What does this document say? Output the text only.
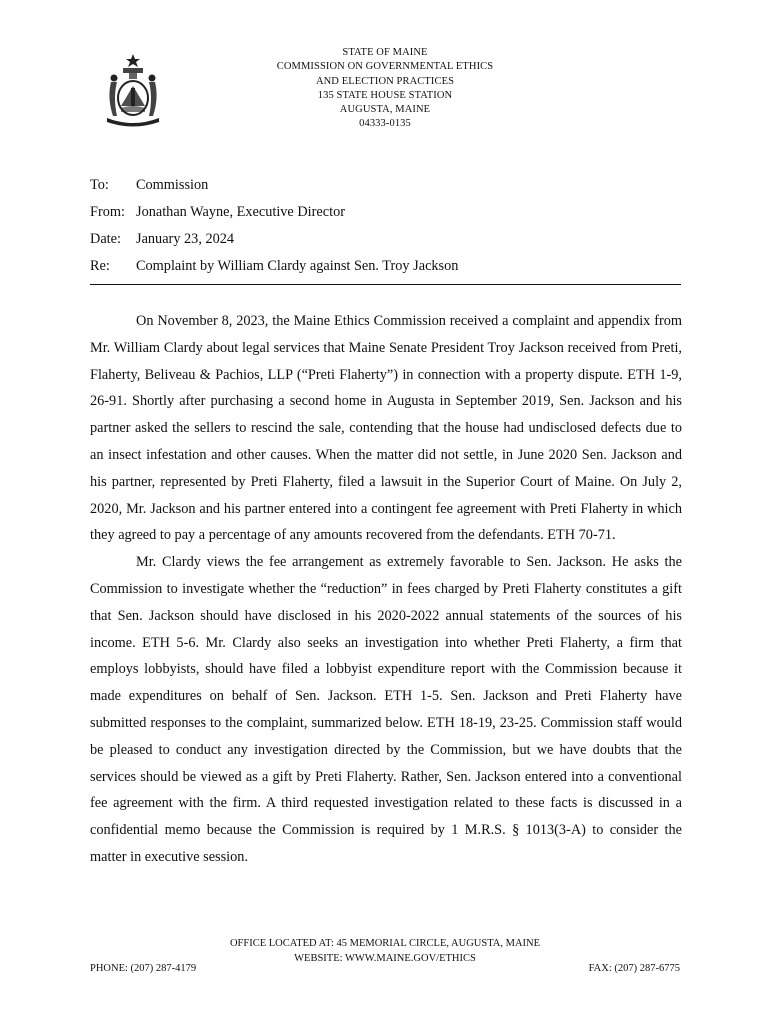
STATE OF MAINE
COMMISSION ON GOVERNMENTAL ETHICS
AND ELECTION PRACTICES
135 STATE HOUSE STATION
AUGUSTA, MAINE
04333-0135
To:	Commission
From: Jonathan Wayne, Executive Director
Date:	January 23, 2024
Re:	Complaint by William Clardy against Sen. Troy Jackson

On November 8, 2023, the Maine Ethics Commission received a complaint and appendix from Mr. William Clardy about legal services that Maine Senate President Troy Jackson received from Preti, Flaherty, Beliveau & Pachios, LLP (“Preti Flaherty”) in connection with a property dispute. ETH 1-9, 26-91. Shortly after purchasing a second home in Augusta in September 2019, Sen. Jackson and his partner asked the sellers to rescind the sale, contending that the house had undisclosed defects due to an insect infestation and other causes. When the matter did not settle, in June 2020 Sen. Jackson and his partner, represented by Preti Flaherty, filed a lawsuit in the Superior Court of Maine. On July 2, 2020, Mr. Jackson and his partner entered into a contingent fee agreement with Preti Flaherty in which they agreed to pay a percentage of any amounts recovered from the defendants. ETH 70-71.

Mr. Clardy views the fee arrangement as extremely favorable to Sen. Jackson. He asks the Commission to investigate whether the “reduction” in fees charged by Preti Flaherty constitutes a gift that Sen. Jackson should have disclosed in his 2020-2022 annual statements of the sources of his income. ETH 5-6. Mr. Clardy also seeks an investigation into whether Preti Flaherty, a firm that employs lobbyists, should have filed a lobbyist expenditure report with the Commission because it made expenditures on behalf of Sen. Jackson. ETH 1-5. Sen. Jackson and Preti Flaherty have submitted responses to the complaint, summarized below. ETH 18-19, 23-25. Commission staff would be pleased to conduct any investigation directed by the Commission, but we have doubts that the services should be viewed as a gift by Preti Flaherty. Rather, Sen. Jackson entered into a conventional fee agreement with the firm. A third requested investigation related to these facts is discussed in a confidential memo because the Commission is required by 1 M.R.S. § 1013(3-A) to consider the matter in executive session.

OFFICE LOCATED AT: 45 MEMORIAL CIRCLE, AUGUSTA, MAINE
WEBSITE: WWW.MAINE.GOV/ETHICS
PHONE: (207) 287-4179	FAX: (207) 287-6775
